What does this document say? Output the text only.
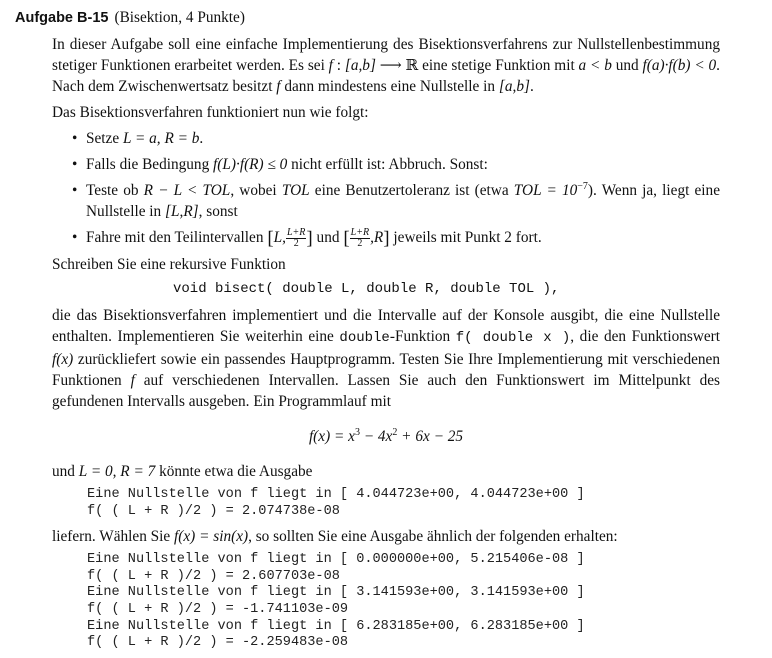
Aufgabe B-15 (Bisektion, 4 Punkte)

In dieser Aufgabe soll eine einfache Implementierung des Bisektionsverfahrens zur Nullstellenbestimmung stetiger Funktionen erarbeitet werden. Es sei f : [a,b] ⟶ ℝ eine stetige Funktion mit a < b und f(a)·f(b) < 0. Nach dem Zwischenwertsatz besitzt f dann mindestens eine Nullstelle in [a,b].

Das Bisektionsverfahren funktioniert nun wie folgt:

• Setze L = a, R = b.
• Falls die Bedingung f(L)·f(R) ≤ 0 nicht erfüllt ist: Abbruch. Sonst:
• Teste ob R − L < TOL, wobei TOL eine Benutzertoleranz ist (etwa TOL = $10^{-7}$). Wenn ja, liegt eine Nullstelle in [L,R], sonst
• Fahre mit den Teilintervallen [L, $\frac{L+R}{2}$ ] und [ $\frac{L+R}{2} ,R$] jeweils mit Punkt 2 fort.

Schreiben Sie eine rekursive Funktion

void bisect( double L, double R, double TOL ),

die das Bisektionsverfahren implementiert und die Intervalle auf der Konsole ausgibt, die eine Nullstelle enthalten. Implementieren Sie weiterhin eine double-Funktion f( double x ), die den Funktionswert f(x) zurückliefert sowie ein passendes Hauptprogramm. Testen Sie Ihre Implementierung mit verschiedenen Funktionen f auf verschiedenen Intervallen. Lassen Sie auch den Funktionswert im Mittelpunkt des gefundenen Intervalls ausgeben. Ein Programmlauf mit

$f(x) = x^3 - 4x^2 + 6x - 25$

und L = 0, R = 7 könnte etwa die Ausgabe

Eine Nullstelle von f liegt in [ 4.044723e+00, 4.044723e+00 ]
f( ( L + R )/2 ) = 2.074738e-08

liefern. Wählen Sie f(x) = sin(x), so sollten Sie eine Ausgabe ähnlich der folgenden erhalten:

Eine Nullstelle von f liegt in [ 0.000000e+00, 5.215406e-08 ]
f( ( L + R )/2 ) = 2.607703e-08
Eine Nullstelle von f liegt in [ 3.141593e+00, 3.141593e+00 ]
f( ( L + R )/2 ) = -1.741103e-09
Eine Nullstelle von f liegt in [ 6.283185e+00, 6.283185e+00 ]
f( ( L + R )/2 ) = -2.259483e-08
